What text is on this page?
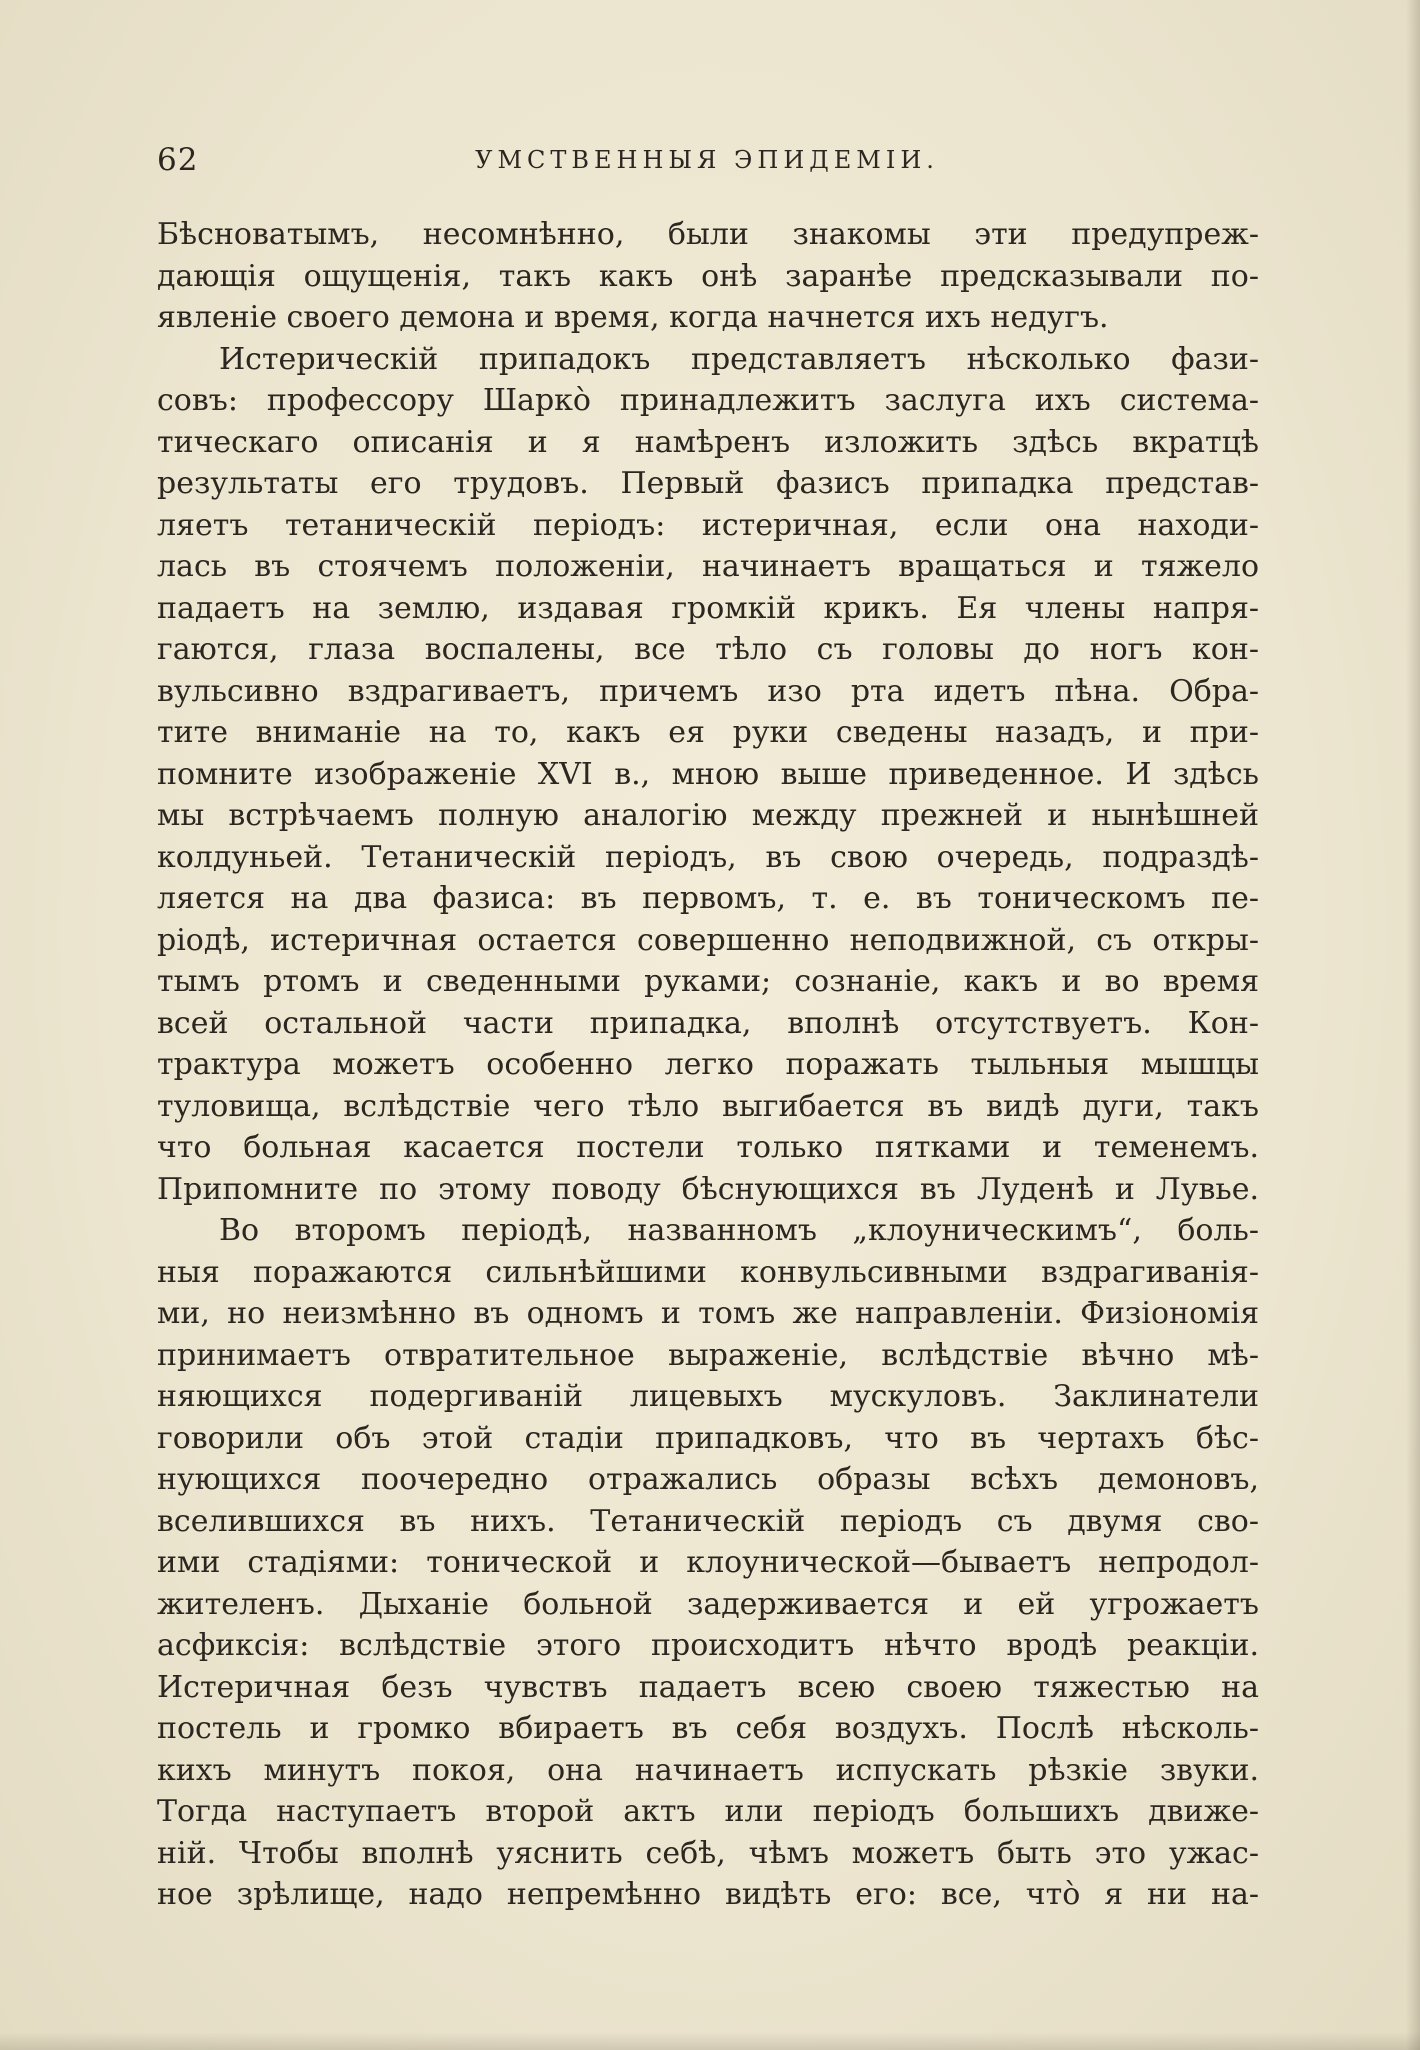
62	УМСТВЕННЫЯ ЭПИДЕМІИ.
Бѣсноватымъ, несомнѣнно, были знакомы эти предупреж-
дающія ощущенія, такъ какъ онѣ заранѣе предсказывали по-
явленіе своего демона и время, когда начнется ихъ недугъ.
Истерическій припадокъ представляетъ нѣсколько фази-
совъ: профессору Шаркò принадлежитъ заслуга ихъ система-
тическаго описанія и я намѣренъ изложить здѣсь вкратцѣ
результаты его трудовъ. Первый фазисъ припадка представ-
ляетъ тетаническій періодъ: истеричная, если она находи-
лась въ стоячемъ положеніи, начинаетъ вращаться и тяжело
падаетъ на землю, издавая громкій крикъ. Ея члены напря-
гаются, глаза воспалены, все тѣло съ головы до ногъ кон-
вульсивно вздрагиваетъ, причемъ изо рта идетъ пѣна. Обра-
тите вниманіе на то, какъ ея руки сведены назадъ, и при-
помните изображеніе XVI в., мною выше приведенное. И здѣсь
мы встрѣчаемъ полную аналогію между прежней и нынѣшней
колдуньей. Тетаническій періодъ, въ свою очередь, подраздѣ-
ляется на два фазиса: въ первомъ, т. е. въ тоническомъ пе-
ріодѣ, истеричная остается совершенно неподвижной, съ откры-
тымъ ртомъ и сведенными руками; сознаніе, какъ и во время
всей остальной части припадка, вполнѣ отсутствуетъ. Кон-
трактура можетъ особенно легко поражать тыльныя мышцы
туловища, вслѣдствіе чего тѣло выгибается въ видѣ дуги, такъ
что больная касается постели только пятками и теменемъ.
Припомните по этому поводу бѣснующихся въ Луденѣ и Лувье.
Во второмъ періодѣ, названномъ „клоуническимъ“, боль-
ныя поражаются сильнѣйшими конвульсивными вздрагиванія-
ми, но неизмѣнно въ одномъ и томъ же направленіи. Физіономія
принимаетъ отвратительное выраженіе, вслѣдствіе вѣчно мѣ-
няющихся подергиваній лицевыхъ мускуловъ. Заклинатели
говорили объ этой стадіи припадковъ, что въ чертахъ бѣс-
нующихся поочередно отражались образы всѣхъ демоновъ,
вселившихся въ нихъ. Тетаническій періодъ съ двумя сво-
ими стадіями: тонической и клоунической—бываетъ непродол-
жителенъ. Дыханіе больной задерживается и ей угрожаетъ
асфиксія: вслѣдствіе этого происходитъ нѣчто вродѣ реакціи.
Истеричная безъ чувствъ падаетъ всею своею тяжестью на
постель и громко вбираетъ въ себя воздухъ. Послѣ нѣсколь-
кихъ минутъ покоя, она начинаетъ испускать рѣзкіе звуки.
Тогда наступаетъ второй актъ или періодъ большихъ движе-
ній. Чтобы вполнѣ уяснить себѣ, чѣмъ можетъ быть это ужас-
ное зрѣлище, надо непремѣнно видѣть его: все, чтò я ни на-
